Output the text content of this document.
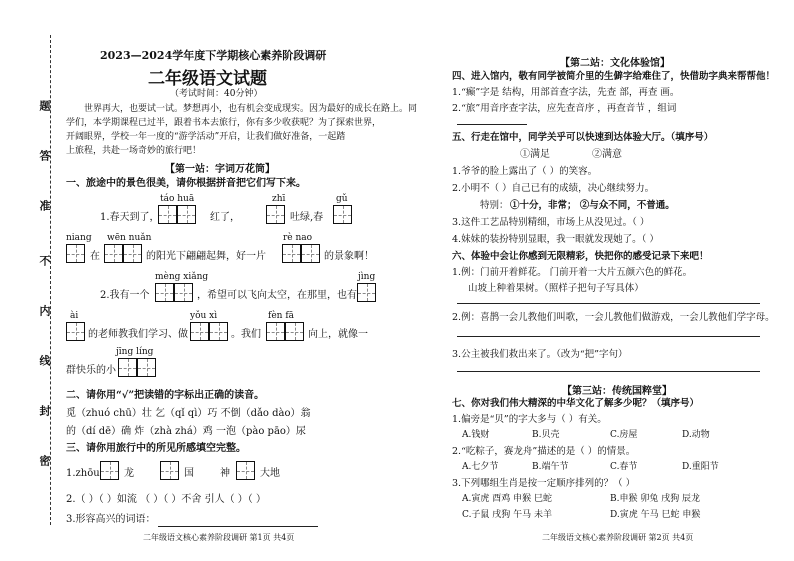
题
答
准
不
内
线
封
密
2023—2024学年度下学期核心素养阶段调研
二年级语文试题
（考试时间：40分钟）
世界再大，也要试一试。梦想再小，也有机会变成现实。因为最好的成长在路上。同
学们，本学期课程已过半，跟着书本去旅行，你有多少收获呢？为了探索世界，
开阔眼界，学校一年一度的“游学活动”开启，让我们做好准备，一起踏
上旅程，共赴一场奇妙的旅行吧！
【第一站：字词万花筒】
一、旅途中的景色很美，请你根据拼音把它们写下来。
táo huā	zhī	gǔ
1.春天到了，	红了，	吐绿,春
niang wēn nuǎn	rè nao
在	的阳光下翩翩起舞，好一片	的景象啊！
mèng xiǎng	jìng
2.我有一个	，希望可以飞向太空，在那里，也有
ài	yǒu xì	fèn fā
的老师教我们学习、做	。我们	向上，就像一
jīng líng
群快乐的小
二、请你用“√”把读错的字标出正确的读音。
觅（zhuó chū）壮 乞（qǐ qì）巧 不倒（dǎo dào）翁
的（dí dē）确 炸（zhà zhá）鸡 一泡（pào pāo）尿
三、请你用旅行中的所见所感填空完整。
1.zhōu 龙	国	神	大地
2.（ ）（ ）如流 （ ）（ ）不舍 引人（ ）（ ）
3.形容高兴的词语：
二年级语文核心素养阶段调研 第1页 共4页
【第二站：文化体验馆】
四、进入馆内，敬有同学被简介里的生僻字给难住了，快借助字典来帮帮他！
1.“癫”字是 结构，用部首查字法，先查 部，再查 画。
2.“旅”用音序查字法，应先查音序 ，再查音节 ，组词
五、行走在馆中，同学关乎可以快速到达体验大厅。（填序号）
①满足	②满意
1.爷爷的脸上露出了（ ）的笑容。
2.小明不（ ）自己已有的成绩，决心继续努力。
特别： ①十分，非常； ②与众不同，不普通。
3.这件工艺品特别精细，市场上从没见过。（ ）
4.妹妹的装扮特别显眼，我一眼就发现她了。（ ）
六、体验中会让你感到无限精彩，快把你的感受记录下来吧！
1.例：门前开着鲜花。 门前开着一大片五颜六色的鲜花。
山坡上种着果树。（照样子把句子写具体）
2.例：喜鹊一会儿教他们叫歌，一会儿教他们做游戏，一会儿教他们学字母。
3.公主被我们救出来了。（改为“把”字句）
【第三站：传统国粹堂】
七、你对我们伟大精深的中华文化了解多少呢？（填序号）
1.偏旁是“贝”的字大多与（ ）有关。
A.钱财	B.贝壳	C.房屋	D.动物
2.“吃粽子，赛龙舟”描述的是（ ）的情景。
A.七夕节	B.端午节	C.春节	D.重阳节
3.下列哪组生肖是按一定顺序排列的？（ ）
A.寅虎 酉鸡 申猴 巳蛇	B.申猴 卯兔 戌狗 辰龙
C.子鼠 戌狗 午马 未羊	D.寅虎 午马 巳蛇 申猴
二年级语文核心素养阶段调研 第2页 共4页
